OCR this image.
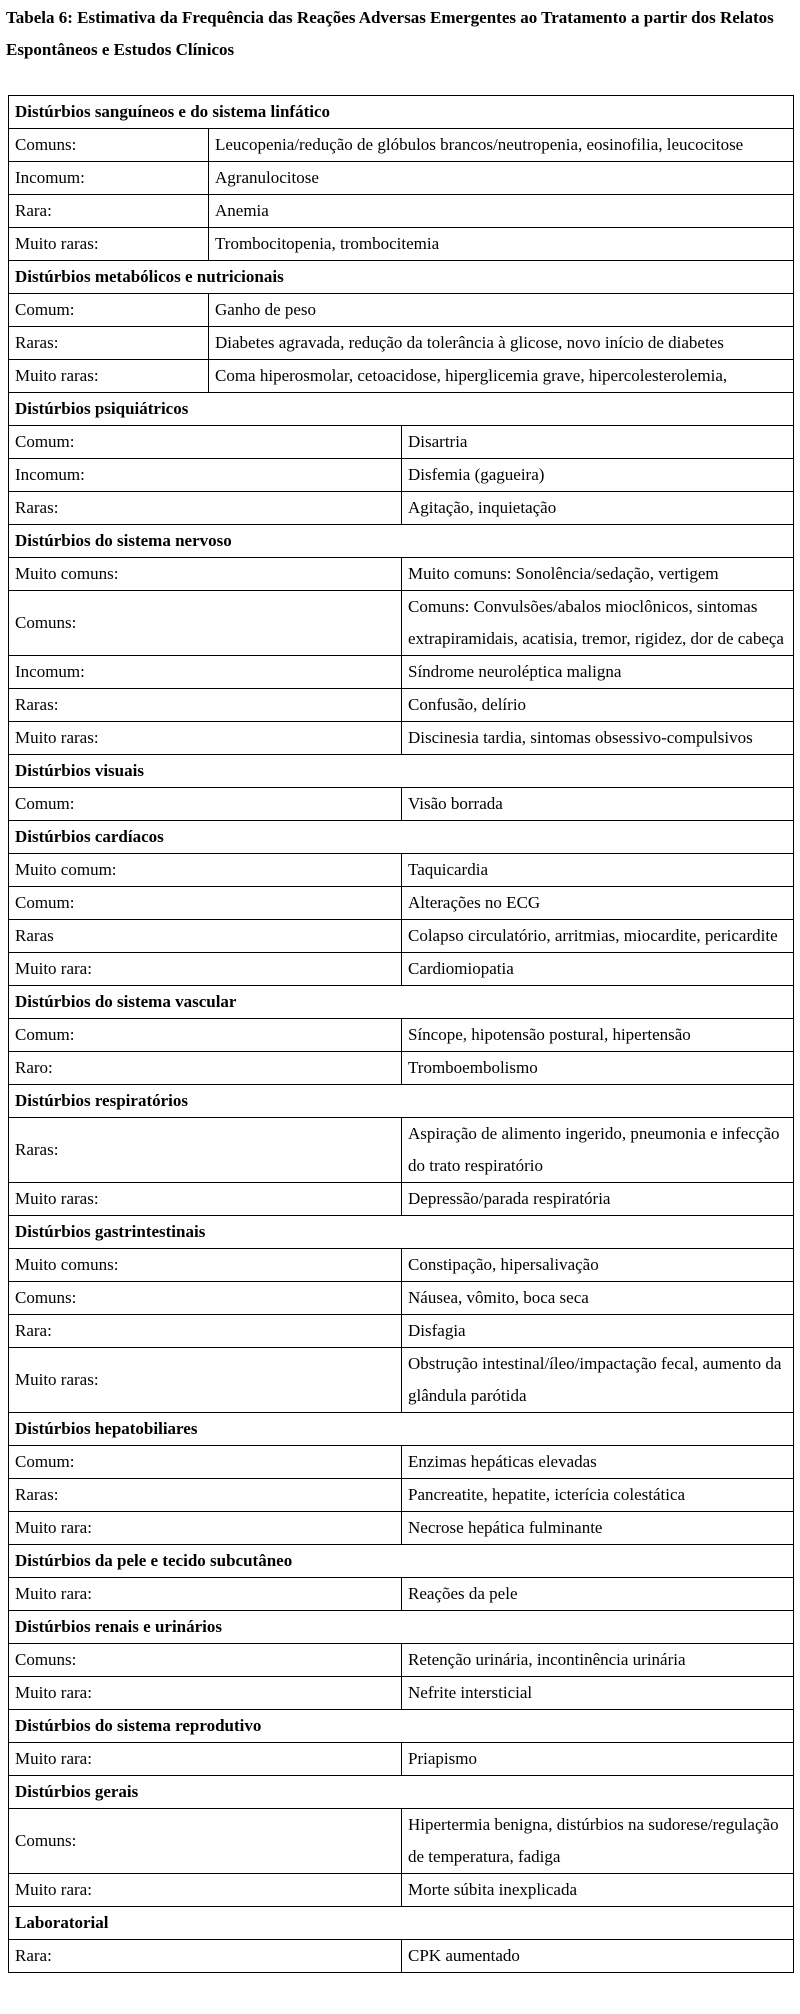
Tabela 6: Estimativa da Frequência das Reações Adversas Emergentes ao Tratamento a partir dos Relatos Espontâneos e Estudos Clínicos

Distúrbios sanguíneos e do sistema linfático		
Comuns:	Leucopenia/redução de glóbulos brancos/neutropenia, eosinofilia, leucocitose	
Incomum:	Agranulocitose	
Rara:	Anemia	
Muito raras:	Trombocitopenia, trombocitemia	
Distúrbios metabólicos e nutricionais		
Comum:	Ganho de peso	
Raras:	Diabetes agravada, redução da tolerância à glicose, novo início de diabetes	
Muito raras:	Coma hiperosmolar, cetoacidose, hiperglicemia grave, hipercolesterolemia,	
Distúrbios psiquiátricos		
Comum:		Disartria
Incomum:		Disfemia (gagueira)
Raras:		Agitação, inquietação
Distúrbios do sistema nervoso		
Muito comuns:		Muito comuns: Sonolência/sedação, vertigem
Comuns:		Comuns: Convulsões/abalos mioclônicos, sintomas extrapiramidais, acatisia, tremor, rigidez, dor de cabeça
Incomum:		Síndrome neuroléptica maligna
Raras:		Confusão, delírio
Muito raras:		Discinesia tardia, sintomas obsessivo-compulsivos
Distúrbios visuais		
Comum:		Visão borrada
Distúrbios cardíacos		
Muito comum:		Taquicardia
Comum:		Alterações no ECG
Raras		Colapso circulatório, arritmias, miocardite, pericardite
Muito rara:		Cardiomiopatia
Distúrbios do sistema vascular		
Comum:		Síncope, hipotensão postural, hipertensão
Raro:		Tromboembolismo
Distúrbios respiratórios		
Raras:		Aspiração de alimento ingerido, pneumonia e infecção do trato respiratório
Muito raras:		Depressão/parada respiratória
Distúrbios gastrintestinais		
Muito comuns:		Constipação, hipersalivação
Comuns:		Náusea, vômito, boca seca
Rara:		Disfagia
Muito raras:		Obstrução intestinal/íleo/impactação fecal, aumento da glândula parótida
Distúrbios hepatobiliares		
Comum:		Enzimas hepáticas elevadas
Raras:		Pancreatite, hepatite, icterícia colestática
Muito rara:		Necrose hepática fulminante
Distúrbios da pele e tecido subcutâneo		
Muito rara:		Reações da pele
Distúrbios renais e urinários		
Comuns:		Retenção urinária, incontinência urinária
Muito rara:		Nefrite intersticial
Distúrbios do sistema reprodutivo		
Muito rara:		Priapismo
Distúrbios gerais		
Comuns:		Hipertermia benigna, distúrbios na sudorese/regulação de temperatura, fadiga
Muito rara:		Morte súbita inexplicada
Laboratorial		
Rara:		CPK aumentado
